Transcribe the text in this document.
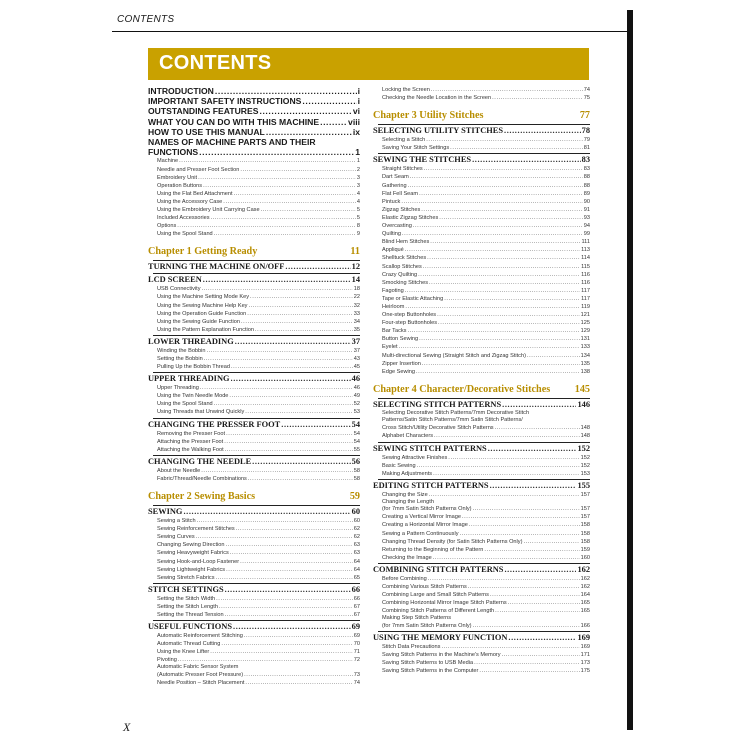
CONTENTS
CONTENTS
INTRODUCTION .....	i
IMPORTANT SAFETY INSTRUCTIONS .....	i
OUTSTANDING FEATURES .....	vi
WHAT YOU CAN DO WITH THIS MACHINE .....	viii
HOW TO USE THIS MANUAL .....	ix
NAMES OF MACHINE PARTS AND THEIR
FUNCTIONS .....	1
Machine .....	1
Needle and Presser Foot Section .....	2
Embroidery Unit .....	3
Operation Buttons .....	3
Using the Flat Bed Attachment .....	4
Using the Accessory Case .....	4
Using the Embroidery Unit Carrying Case .....	5
Included Accessories .....	5
Options .....	8
Using the Spool Stand .....	9
Chapter 1 Getting Ready	11
TURNING THE MACHINE ON/OFF .....	12
LCD SCREEN .....	14
USB Connectivity .....	18
Using the Machine Setting Mode Key .....	22
Using the Sewing Machine Help Key .....	32
Using the Operation Guide Function .....	33
Using the Sewing Guide Function .....	34
Using the Pattern Explanation Function .....	35
LOWER THREADING .....	37
Winding the Bobbin .....	37
Setting the Bobbin .....	43
Pulling Up the Bobbin Thread .....	45
UPPER THREADING .....	46
Upper Threading .....	46
Using the Twin Needle Mode .....	49
Using the Spool Stand .....	52
Using Threads that Unwind Quickly .....	53
CHANGING THE PRESSER FOOT .....	54
Removing the Presser Foot .....	54
Attaching the Presser Foot .....	54
Attaching the Walking Foot .....	55
CHANGING THE NEEDLE .....	56
About the Needle .....	58
Fabric/Thread/Needle Combinations .....	58
Chapter 2 Sewing Basics	59
SEWING .....	60
Sewing a Stitch .....	60
Sewing Reinforcement Stitches .....	62
Sewing Curves .....	62
Changing Sewing Direction .....	63
Sewing Heavyweight Fabrics .....	63
Sewing Hook-and-Loop Fastener .....	64
Sewing Lightweight Fabrics .....	64
Sewing Stretch Fabrics .....	65
STITCH SETTINGS .....	66
Setting the Stitch Width .....	66
Setting the Stitch Length .....	67
Setting the Thread Tension .....	67
USEFUL FUNCTIONS .....	69
Automatic Reinforcement Stitching .....	69
Automatic Thread Cutting .....	70
Using the Knee Lifter .....	71
Pivoting .....	72
Automatic Fabric Sensor System
(Automatic Presser Foot Pressure) .....	73
Needle Position – Stitch Placement .....	74
Locking the Screen .....	74
Checking the Needle Location in the Screen .....	75
Chapter 3 Utility Stitches	77
SELECTING UTILITY STITCHES .....	78
Selecting a Stitch .....	79
Saving Your Stitch Settings .....	81
SEWING THE STITCHES .....	83
Straight Stitches .....	83
Dart Seam .....	88
Gathering .....	88
Flat Fell Seam .....	89
Pintuck .....	90
Zigzag Stitches .....	91
Elastic Zigzag Stitches .....	93
Overcasting .....	94
Quilting .....	99
Blind Hem Stitches .....	111
Appliqué .....	113
Shelltuck Stitches .....	114
Scallop Stitches .....	115
Crazy Quilting .....	116
Smocking Stitches .....	116
Fagoting .....	117
Tape or Elastic Attaching .....	117
Heirloom .....	119
One-step Buttonholes .....	121
Four-step Buttonholes .....	125
Bar Tacks .....	129
Button Sewing .....	131
Eyelet .....	133
Multi-directional Sewing (Straight Stitch and Zigzag Stitch) .....	134
Zipper Insertion .....	135
Edge Sewing .....	138
Chapter 4 Character/Decorative Stitches 145
SELECTING STITCH PATTERNS .....	146
Selecting Decorative Stitch Patterns/7mm Decorative Stitch
Patterns/Satin Stitch Patterns/7mm Satin Stitch Patterns/
Cross Stitch/Utility Decorative Stitch Patterns .....	148
Alphabet Characters .....	148
SEWING STITCH PATTERNS .....	152
Sewing Attractive Finishes .....	152
Basic Sewing .....	152
Making Adjustments .....	153
EDITING STITCH PATTERNS .....	155
Changing the Size .....	157
Changing the Length
(for 7mm Satin Stitch Patterns Only) .....	157
Creating a Vertical Mirror Image .....	157
Creating a Horizontal Mirror Image .....	158
Sewing a Pattern Continuously .....	158
Changing Thread Density (for Satin Stitch Patterns Only) .....	158
Returning to the Beginning of the Pattern .....	159
Checking the Image .....	160
COMBINING STITCH PATTERNS .....	162
Before Combining .....	162
Combining Various Stitch Patterns .....	162
Combining Large and Small Stitch Patterns .....	164
Combining Horizontal Mirror Image Stitch Patterns .....	165
Combining Stitch Patterns of Different Length .....	165
Making Step Stitch Patterns
(for 7mm Satin Stitch Patterns Only) .....	166
USING THE MEMORY FUNCTION .....	169
Stitch Data Precautions .....	169
Saving Stitch Patterns in the Machine's Memory .....	171
Saving Stitch Patterns to USB Media .....	173
Saving Stitch Patterns in the Computer .....	175
X
